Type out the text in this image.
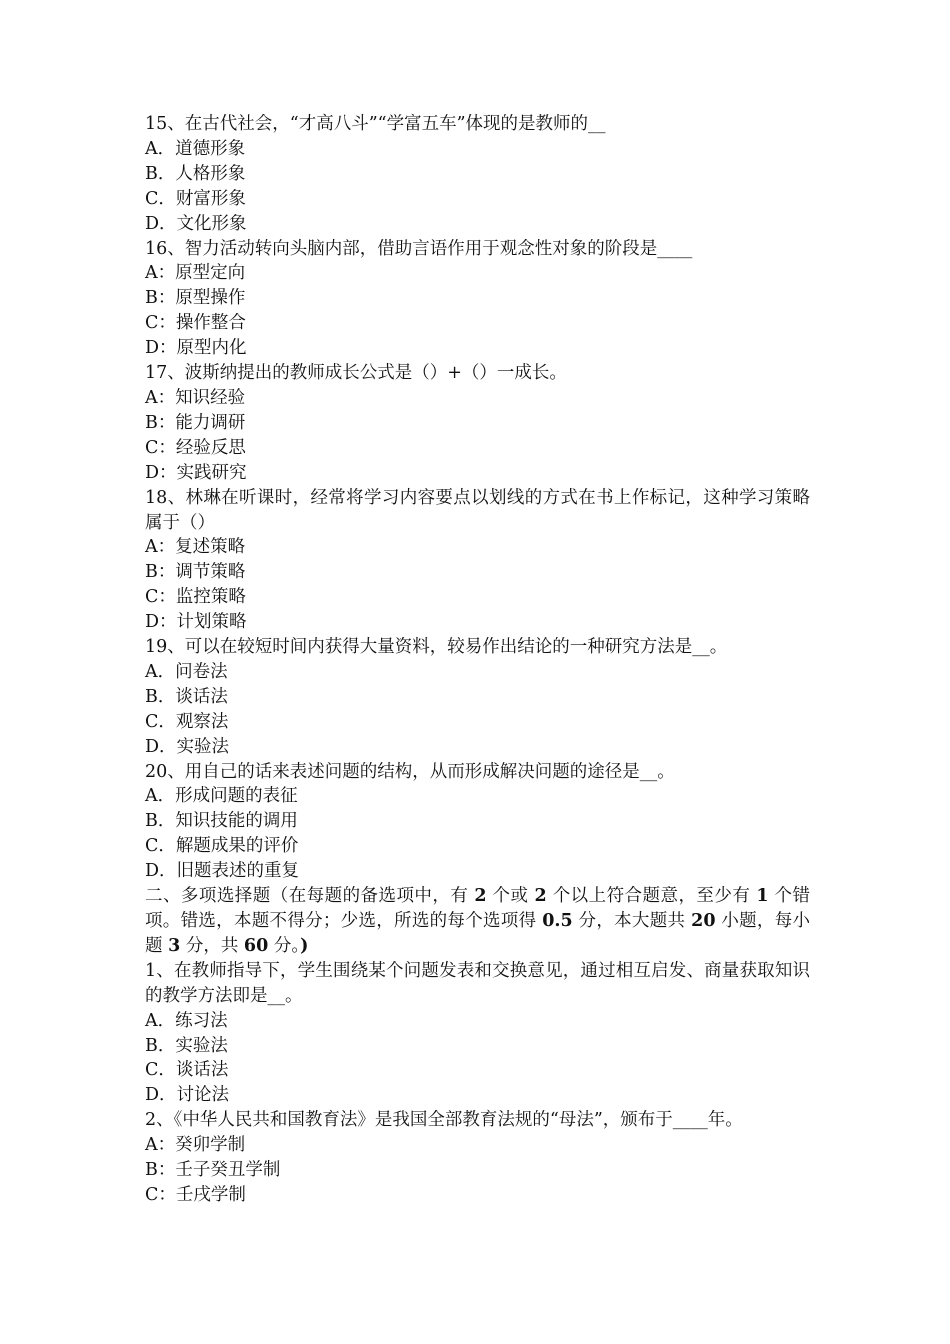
15、在古代社会，“才高八斗”“学富五车”体现的是教师的__
A．道德形象
B．人格形象
C．财富形象
D．文化形象
16、智力活动转向头脑内部，借助言语作用于观念性对象的阶段是____
A：原型定向
B：原型操作
C：操作整合
D：原型内化
17、波斯纳提出的教师成长公式是（）+（）一成长。
A：知识经验
B：能力调研
C：经验反思
D：实践研究
18、林琳在听课时，经常将学习内容要点以划线的方式在书上作标记，这种学习策略属于（）
A：复述策略
B：调节策略
C：监控策略
D：计划策略
19、可以在较短时间内获得大量资料，较易作出结论的一种研究方法是__。
A．问卷法
B．谈话法
C．观察法
D．实验法
20、用自己的话来表述问题的结构，从而形成解决问题的途径是__。
A．形成问题的表征
B．知识技能的调用
C．解题成果的评价
D．旧题表述的重复
二、多项选择题（在每题的备选项中，有 2 个或 2 个以上符合题意，至少有 1 个错项。错选，本题不得分；少选，所选的每个选项得 0.5 分，本大题共 20 小题，每小题 3 分，共 60 分。)
1、在教师指导下，学生围绕某个问题发表和交换意见，通过相互启发、商量获取知识的教学方法即是__。
A．练习法
B．实验法
C．谈话法
D．讨论法
2、《中华人民共和国教育法》是我国全部教育法规的“母法”，颁布于____年。
A：癸卯学制
B：壬子癸丑学制
C：壬戌学制
